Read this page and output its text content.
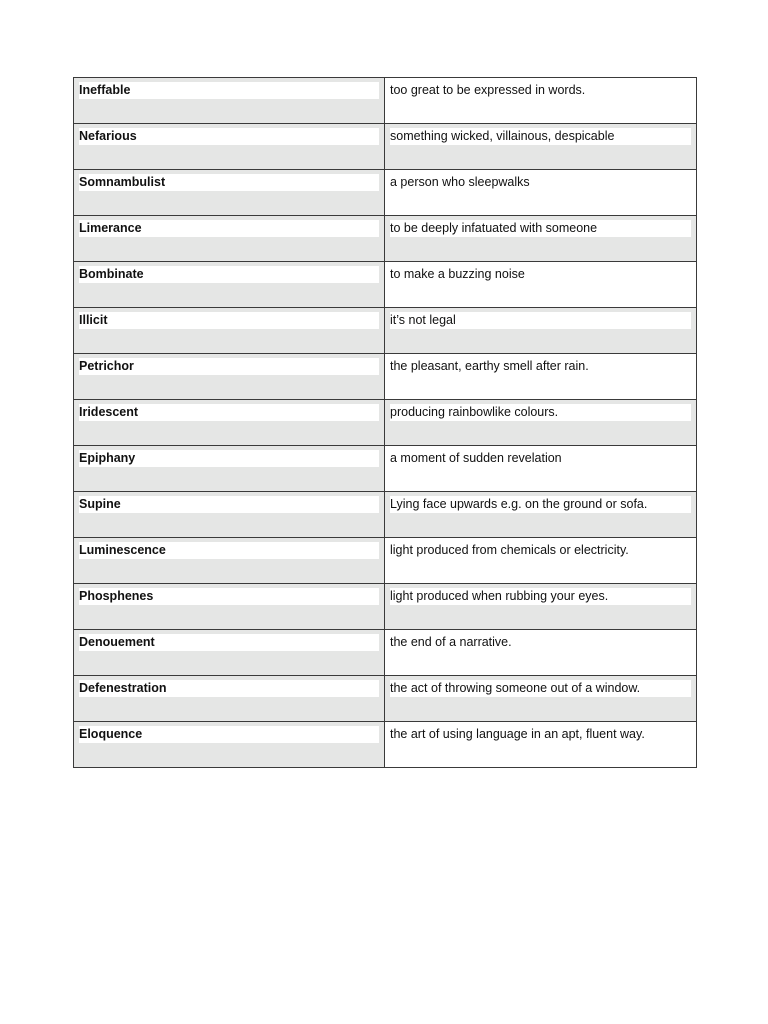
Ineffable	too great to be expressed in words.

Nefarious	something wicked, villainous, despicable

Somnambulist	a person who sleepwalks

Limerance	to be deeply infatuated with someone

Bombinate	to make a buzzing noise

Illicit	it’s not legal

Petrichor	the pleasant, earthy smell after rain.

Iridescent	producing rainbowlike colours.

Epiphany	a moment of sudden revelation

Supine	Lying face upwards e.g. on the ground or sofa.

Luminescence	light produced from chemicals or electricity.

Phosphenes	light produced when rubbing your eyes.

Denouement	the end of a narrative.

Defenestration	the act of throwing someone out of a window.

Eloquence	the art of using language in an apt, fluent way.
